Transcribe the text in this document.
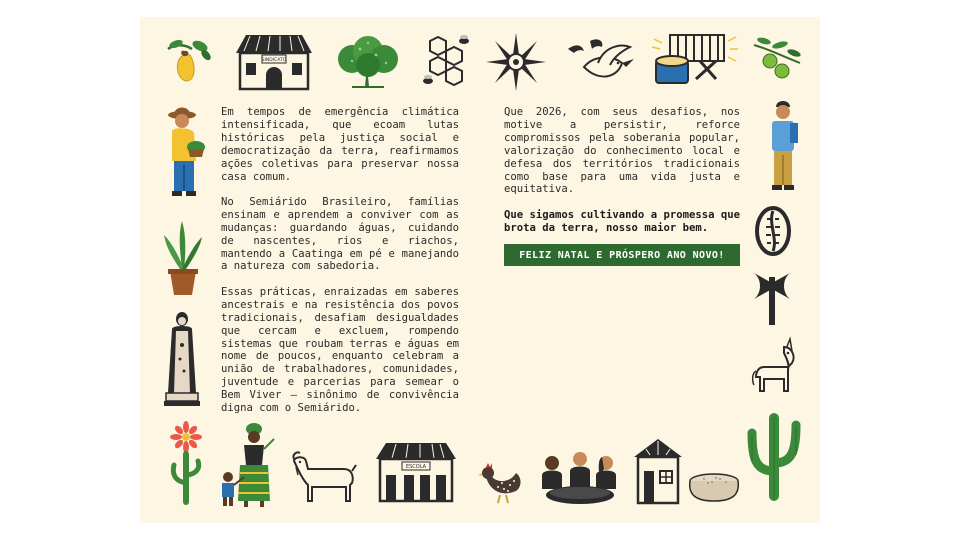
SINDICATO
ESCOLA

Em tempos de emergência climática intensificada, que ecoam lutas históricas pela justiça social e democratização da terra, reafirmamos ações coletivas para preservar nossa casa comum.

No Semiárido Brasileiro, famílias ensinam e aprendem a conviver com as mudanças: guardando águas, cuidando de nascentes, rios e riachos, mantendo a Caatinga em pé e manejando a natureza com sabedoria.

Essas práticas, enraizadas em saberes ancestrais e na resistência dos povos tradicionais, desafiam desigualdades que cercam e excluem, rompendo sistemas que roubam terras e águas em nome de poucos, enquanto celebram a união de trabalhadores, comunidades, juventude e parcerias para semear o Bem Viver — sinônimo de convivência digna com o Semiárido.

Que 2026, com seus desafios, nos motive a persistir, reforce compromissos pela soberania popular, valorização do conhecimento local e defesa dos territórios tradicionais como base para uma vida justa e equitativa.

Que sigamos cultivando a promessa que brota da terra, nosso maior bem.

FELIZ NATAL E PRÓSPERO ANO NOVO!
